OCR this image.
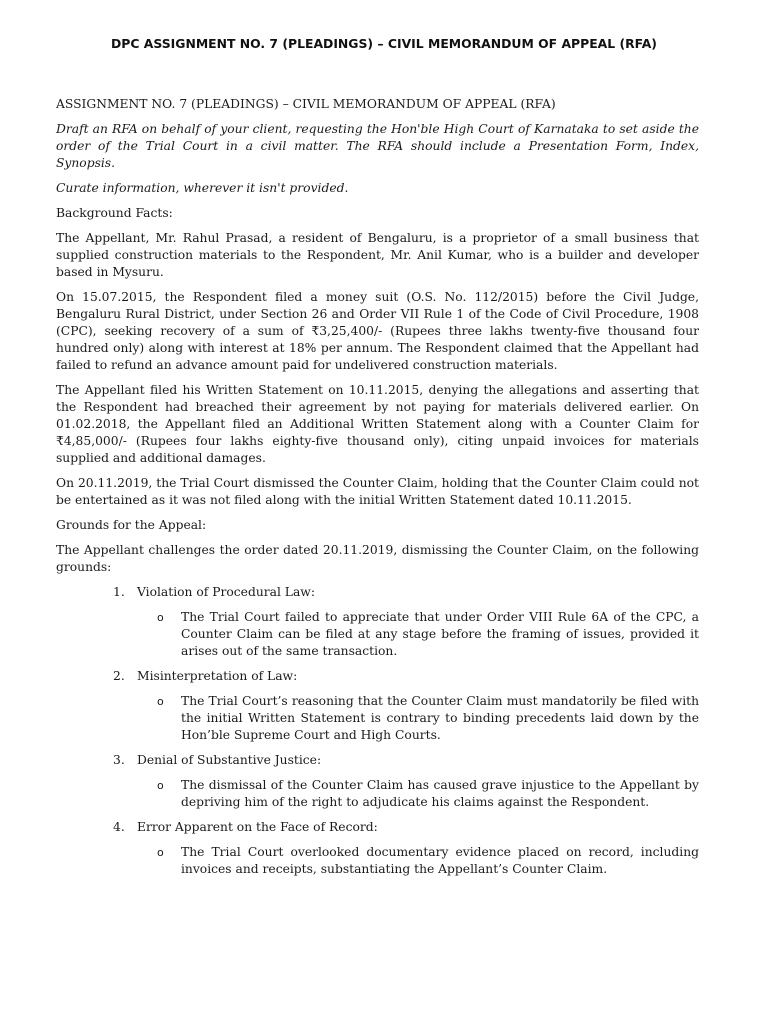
DPC ASSIGNMENT NO. 7 (PLEADINGS) – CIVIL MEMORANDUM OF APPEAL (RFA)

ASSIGNMENT NO. 7 (PLEADINGS) – CIVIL MEMORANDUM OF APPEAL (RFA)

Draft an RFA on behalf of your client, requesting the Hon'ble High Court of Karnataka to set aside the order of the Trial Court in a civil matter. The RFA should include a Presentation Form, Index, Synopsis.

Curate information, wherever it isn't provided.

Background Facts:

The Appellant, Mr. Rahul Prasad, a resident of Bengaluru, is a proprietor of a small business that supplied construction materials to the Respondent, Mr. Anil Kumar, who is a builder and developer based in Mysuru.

On 15.07.2015, the Respondent filed a money suit (O.S. No. 112/2015) before the Civil Judge, Bengaluru Rural District, under Section 26 and Order VII Rule 1 of the Code of Civil Procedure, 1908 (CPC), seeking recovery of a sum of ₹3,25,400/- (Rupees three lakhs twenty-five thousand four hundred only) along with interest at 18% per annum. The Respondent claimed that the Appellant had failed to refund an advance amount paid for undelivered construction materials.

The Appellant filed his Written Statement on 10.11.2015, denying the allegations and asserting that the Respondent had breached their agreement by not paying for materials delivered earlier. On 01.02.2018, the Appellant filed an Additional Written Statement along with a Counter Claim for ₹4,85,000/- (Rupees four lakhs eighty-five thousand only), citing unpaid invoices for materials supplied and additional damages.

On 20.11.2019, the Trial Court dismissed the Counter Claim, holding that the Counter Claim could not be entertained as it was not filed along with the initial Written Statement dated 10.11.2015.

Grounds for the Appeal:

The Appellant challenges the order dated 20.11.2019, dismissing the Counter Claim, on the following grounds:

1. Violation of Procedural Law:
o The Trial Court failed to appreciate that under Order VIII Rule 6A of the CPC, a Counter Claim can be filed at any stage before the framing of issues, provided it arises out of the same transaction.
2. Misinterpretation of Law:
o The Trial Court’s reasoning that the Counter Claim must mandatorily be filed with the initial Written Statement is contrary to binding precedents laid down by the Hon’ble Supreme Court and High Courts.
3. Denial of Substantive Justice:
o The dismissal of the Counter Claim has caused grave injustice to the Appellant by depriving him of the right to adjudicate his claims against the Respondent.
4. Error Apparent on the Face of Record:
o The Trial Court overlooked documentary evidence placed on record, including invoices and receipts, substantiating the Appellant’s Counter Claim.
